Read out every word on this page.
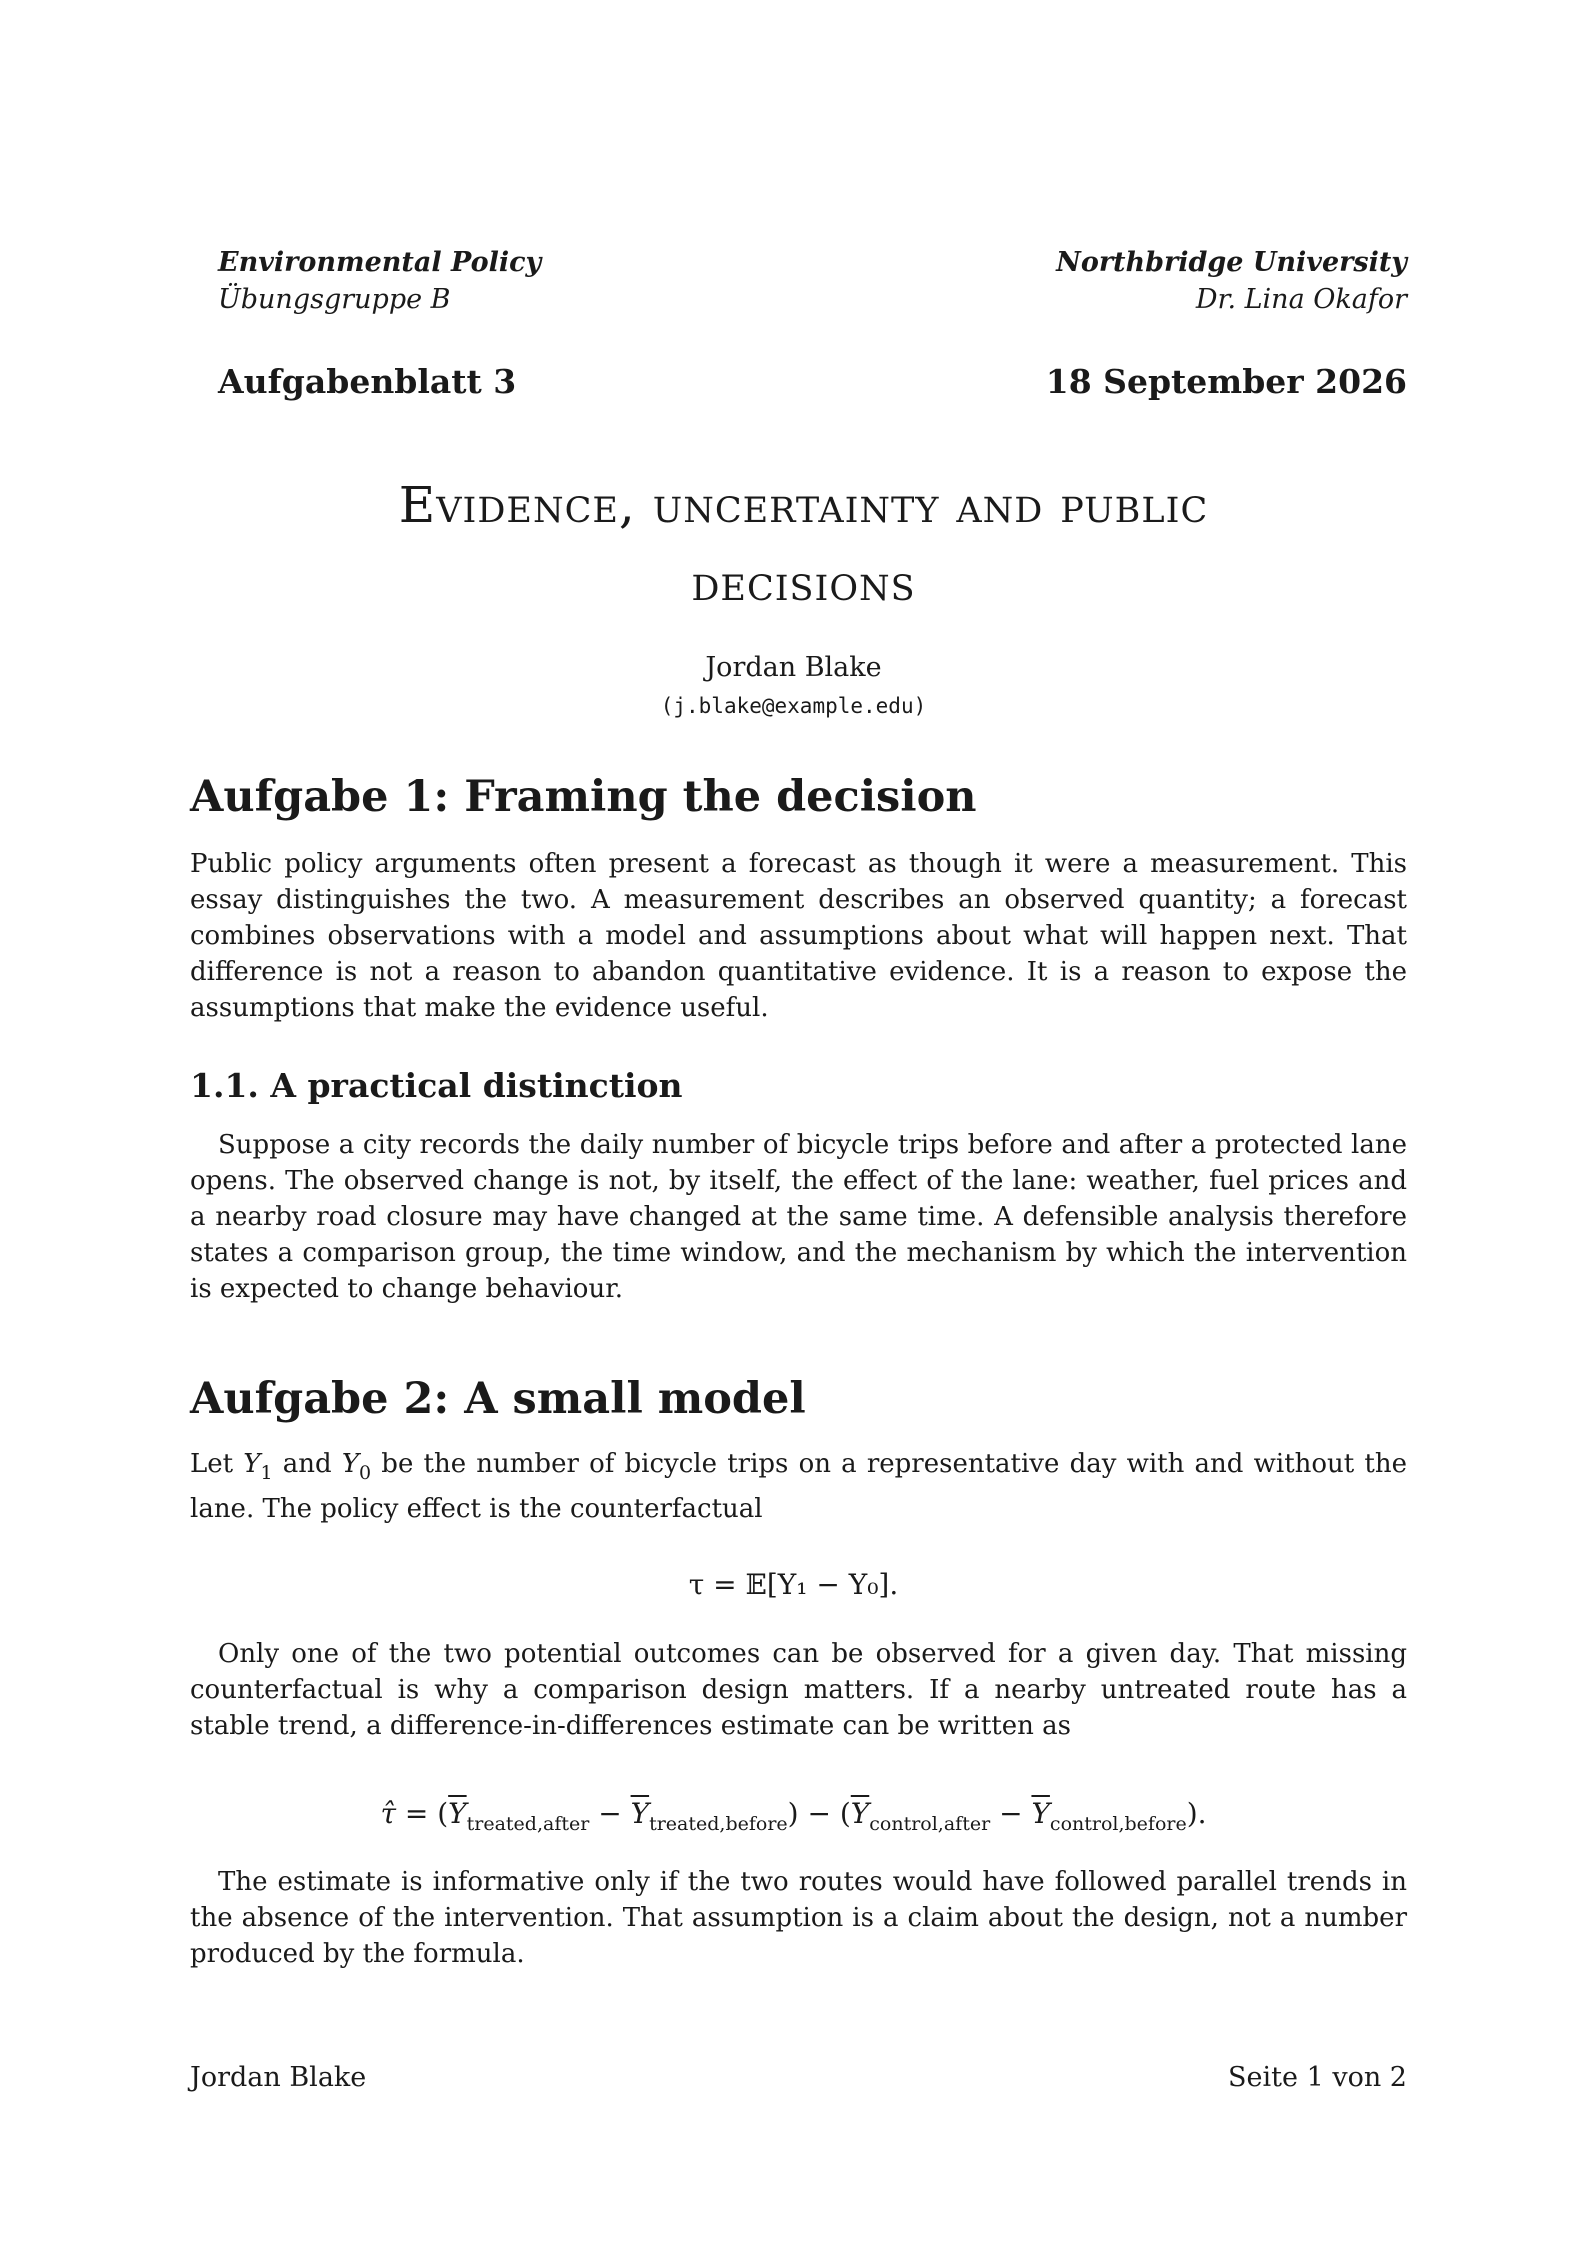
Environmental Policy
Übungsgruppe B
Northbridge University
Dr. Lina Okafor
Aufgabenblatt 3	18 September 2026
Evidence, uncertainty and public
decisions
Jordan Blake
(j.blake@example.edu)
Aufgabe 1: Framing the decision

Public policy arguments often present a forecast as though it were a measurement. This essay distinguishes the two. A measurement describes an observed quantity; a forecast combines observations with a model and assumptions about what will happen next. That difference is not a reason to abandon quantitative evidence. It is a reason to expose the assumptions that make the evidence useful.

1.1. A practical distinction

Suppose a city records the daily number of bicycle trips before and after a protected lane opens. The observed change is not, by itself, the effect of the lane: weather, fuel prices and a nearby road closure may have changed at the same time. A defensible analysis therefore states a comparison group, the time window, and the mechanism by which the intervention is expected to change behaviour.

Aufgabe 2: A small model

Let $Y_1$ and $Y_0$ be the number of bicycle trips on a representative day with and without the lane. The policy effect is the counterfactual

τ = 𝔼[Y₁ − Y₀].

Only one of the two potential outcomes can be observed for a given day. That missing counterfactual is why a comparison design matters. If a nearby untreated route has a stable trend, a difference-in-differences estimate can be written as

τ̂ = $(\overline{Y}_{treated,after} - \overline{Y}_{treated,before}) - (\overline{Y}_{control,after} - \overline{Y}_{control,before})$.

The estimate is informative only if the two routes would have followed parallel trends in the absence of the intervention. That assumption is a claim about the design, not a number produced by the formula.

Jordan Blake	Seite 1 von 2
